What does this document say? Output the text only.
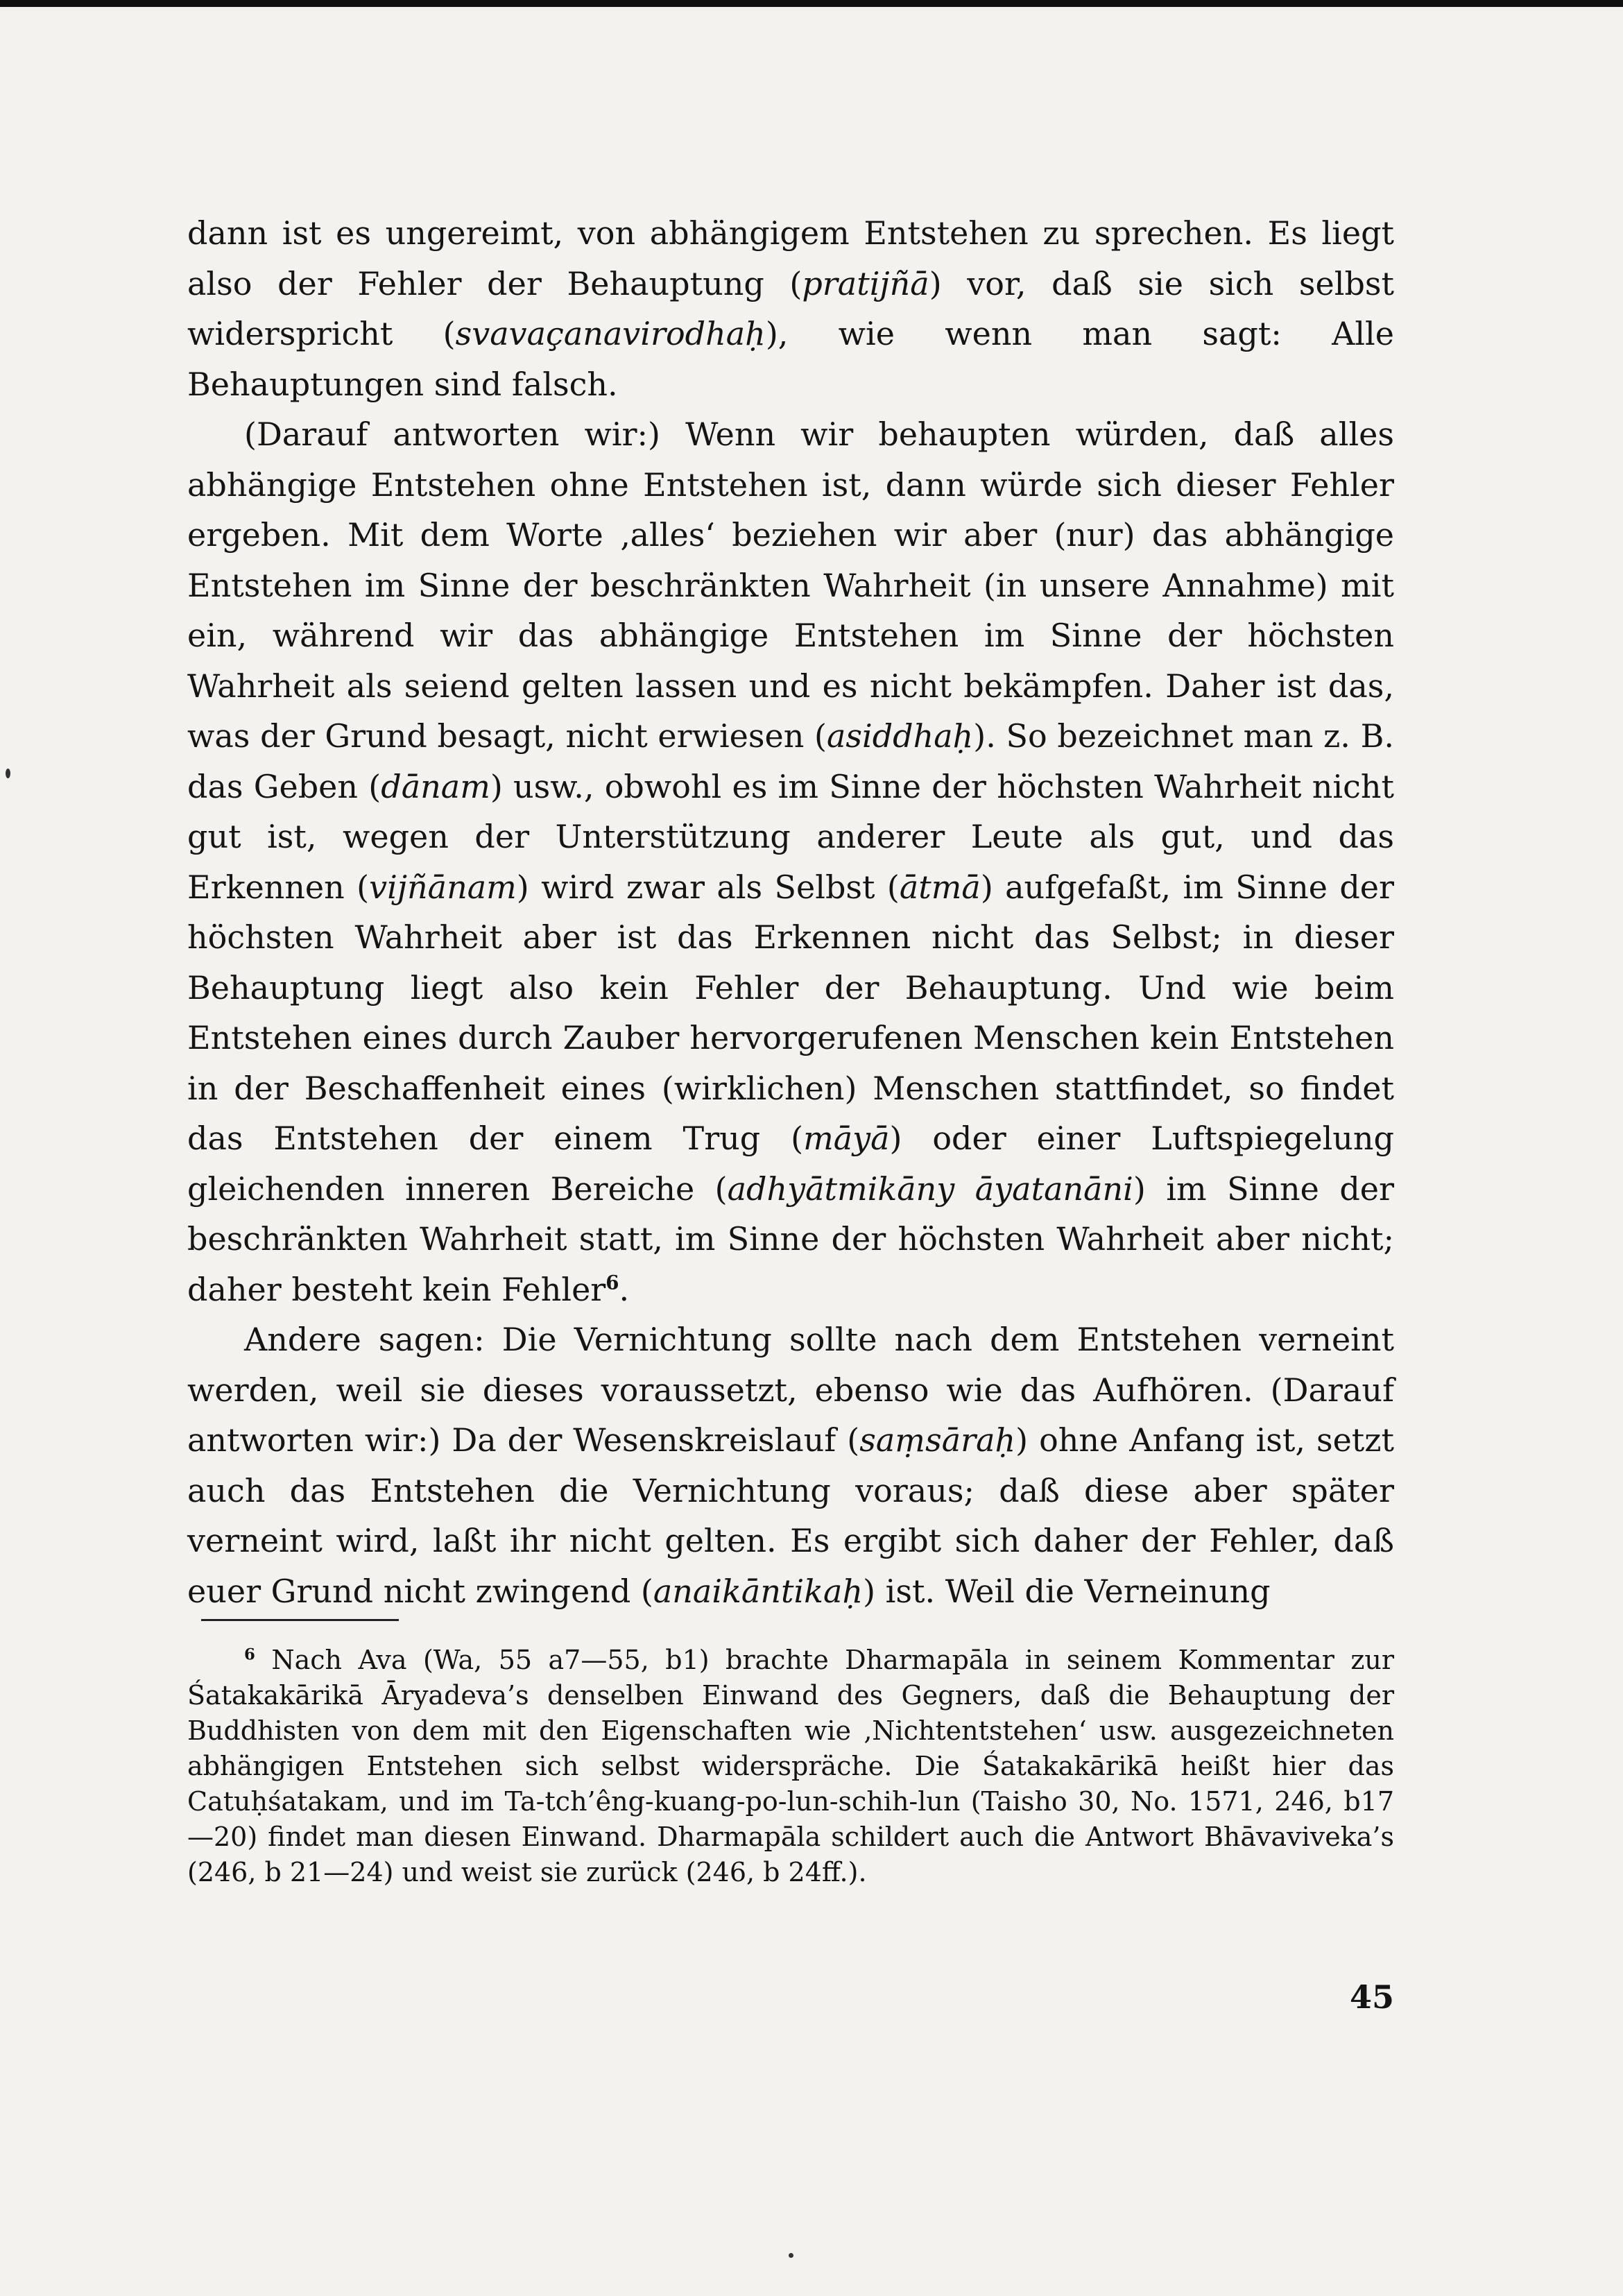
dann ist es ungereimt, von abhängigem Entstehen zu sprechen. Es liegt also der Fehler der Behauptung (pratijñā) vor, daß sie sich selbst widerspricht (svavaçanavirodhaḥ), wie wenn man sagt: Alle Behauptungen sind falsch.

(Darauf antworten wir:) Wenn wir behaupten würden, daß alles abhängige Entstehen ohne Entstehen ist, dann würde sich dieser Fehler ergeben. Mit dem Worte ‚alles‘ beziehen wir aber (nur) das abhängige Entstehen im Sinne der beschränkten Wahrheit (in unsere Annahme) mit ein, während wir das abhängige Entstehen im Sinne der höchsten Wahrheit als seiend gelten lassen und es nicht bekämpfen. Daher ist das, was der Grund besagt, nicht erwiesen (asiddhaḥ). So bezeichnet man z. B. das Geben (dānam) usw., obwohl es im Sinne der höchsten Wahrheit nicht gut ist, wegen der Unterstützung anderer Leute als gut, und das Erkennen (vijñānam) wird zwar als Selbst (ātmā) aufgefaßt, im Sinne der höchsten Wahrheit aber ist das Erkennen nicht das Selbst; in dieser Behauptung liegt also kein Fehler der Behauptung. Und wie beim Entstehen eines durch Zauber hervorgerufenen Menschen kein Entstehen in der Beschaffenheit eines (wirklichen) Menschen stattfindet, so findet das Entstehen der einem Trug (māyā) oder einer Luftspiegelung gleichenden inneren Bereiche (adhyātmikāny āyatanāni) im Sinne der beschränkten Wahrheit statt, im Sinne der höchsten Wahrheit aber nicht; daher besteht kein Fehler$^6$.

Andere sagen: Die Vernichtung sollte nach dem Entstehen verneint werden, weil sie dieses voraussetzt, ebenso wie das Aufhören. (Darauf antworten wir:) Da der Wesenskreislauf (saṃsāraḥ) ohne Anfang ist, setzt auch das Entstehen die Vernichtung voraus; daß diese aber später verneint wird, laßt ihr nicht gelten. Es ergibt sich daher der Fehler, daß euer Grund nicht zwingend (anaikāntikaḥ) ist. Weil die Verneinung

$^6$ Nach Ava (Wa, 55 a7—55, b1) brachte Dharmapāla in seinem Kommentar zur Śatakakārikā Āryadeva’s denselben Einwand des Gegners, daß die Behauptung der Buddhisten von dem mit den Eigenschaften wie ‚Nichtentstehen‘ usw. ausgezeichneten abhängigen Entstehen sich selbst widerspräche. Die Śatakakārikā heißt hier das Catuḥśatakam, und im Ta-tch’êng-kuang-po-lun-schih-lun (Taisho 30, No. 1571, 246, b17—20) findet man diesen Einwand. Dharmapāla schildert auch die Antwort Bhāvaviveka’s (246, b 21—24) und weist sie zurück (246, b 24ff.).

45
